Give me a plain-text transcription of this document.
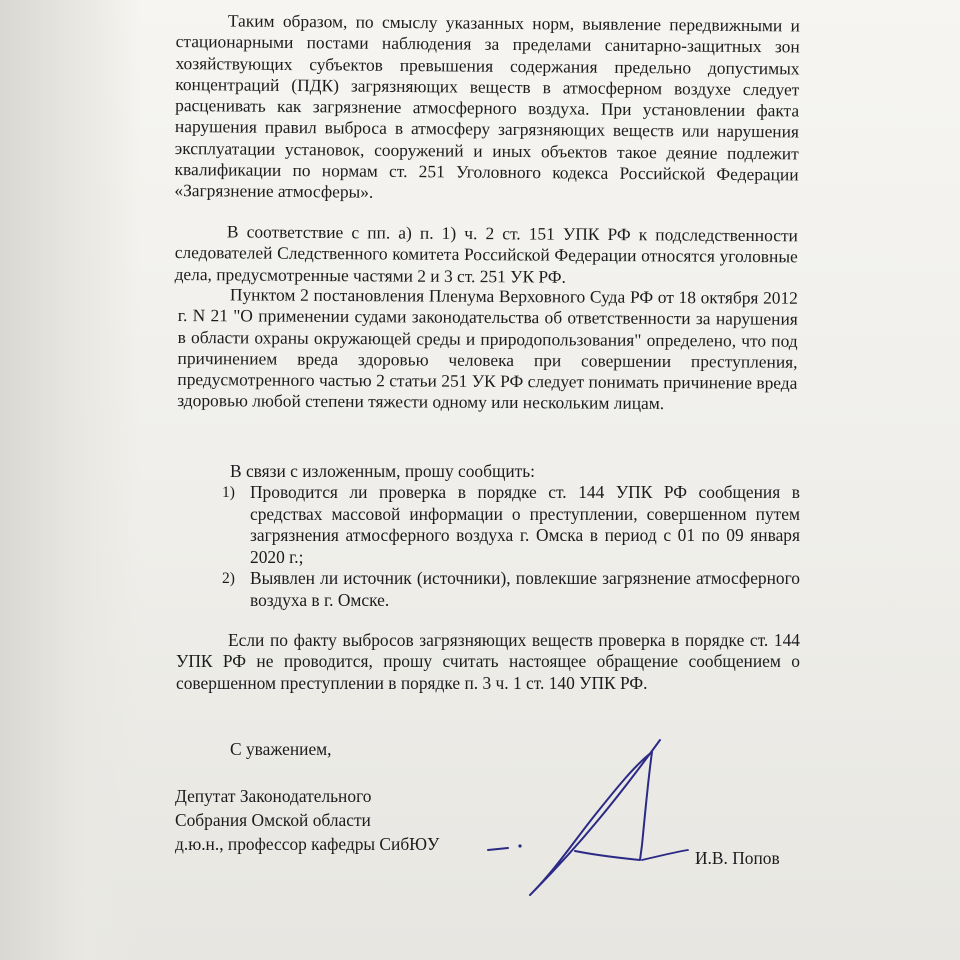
Таким образом, по смыслу указанных норм, выявление передвижными и стационарными постами наблюдения за пределами санитарно-защитных зон хозяйствующих субъектов превышения содержания предельно допустимых концентраций (ПДК) загрязняющих веществ в атмосферном воздухе следует расценивать как загрязнение атмосферного воздуха. При установлении факта нарушения правил выброса в атмосферу загрязняющих веществ или нарушения эксплуатации установок, сооружений и иных объектов такое деяние подлежит квалификации по нормам ст. 251 Уголовного кодекса Российской Федерации «Загрязнение атмосферы».

В соответствие с пп. а) п. 1) ч. 2 ст. 151 УПК РФ к подследственности следователей Следственного комитета Российской Федерации относятся уголовные дела, предусмотренные частями 2 и 3 ст. 251 УК РФ.

Пунктом 2 постановления Пленума Верховного Суда РФ от 18 октября 2012 г. N 21 "О применении судами законодательства об ответственности за нарушения в области охраны окружающей среды и природопользования" определено, что под причинением вреда здоровью человека при совершении преступления, предусмотренного частью 2 статьи 251 УК РФ следует понимать причинение вреда здоровью любой степени тяжести одному или нескольким лицам.

В связи с изложенным, прошу сообщить:

1) Проводится ли проверка в порядке ст. 144 УПК РФ сообщения в средствах массовой информации о преступлении, совершенном путем загрязнения атмосферного воздуха г. Омска в период с 01 по 09 января 2020 г.;
2) Выявлен ли источник (источники), повлекшие загрязнение атмосферного воздуха в г. Омске.

Если по факту выбросов загрязняющих веществ проверка в порядке ст. 144 УПК РФ не проводится, прошу считать настоящее обращение сообщением о совершенном преступлении в порядке п. 3 ч. 1 ст. 140 УПК РФ.

С уважением,

Депутат Законодательного
Собрания Омской области
д.ю.н., профессор кафедры СибЮУ
И.В. Попов
